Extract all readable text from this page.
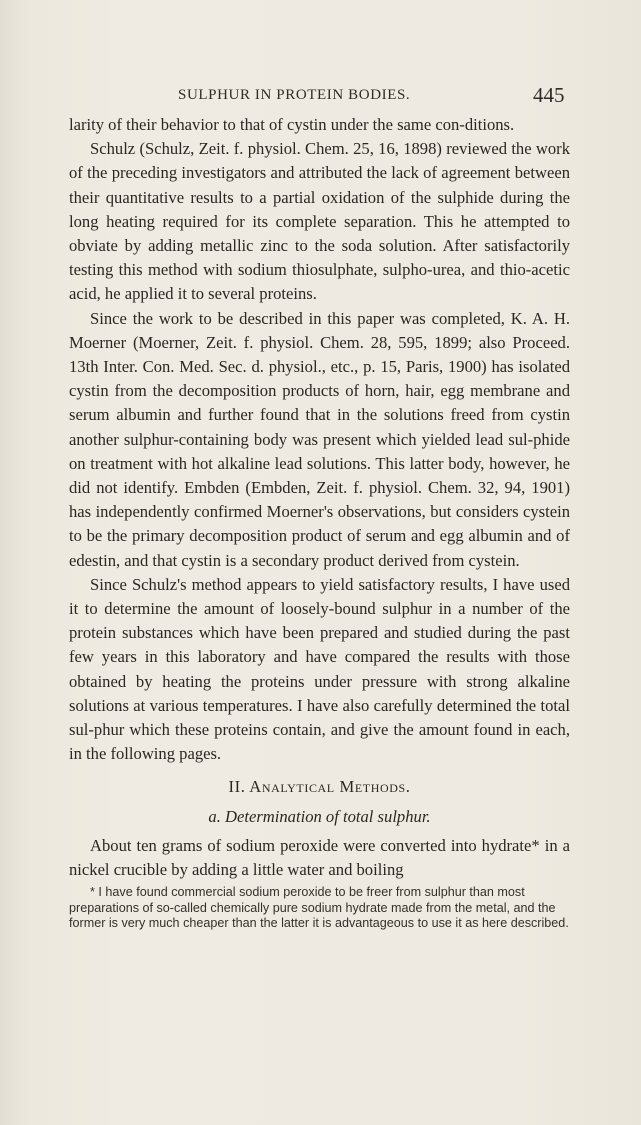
SULPHUR IN PROTEIN BODIES.	445

larity of their behavior to that of cystin under the same con-ditions.

Schulz (Schulz, Zeit. f. physiol. Chem. 25, 16, 1898) reviewed the work of the preceding investigators and attributed the lack of agreement between their quantitative results to a partial oxidation of the sulphide during the long heating required for its complete separation. This he attempted to obviate by adding metallic zinc to the soda solution. After satisfactorily testing this method with sodium thiosulphate, sulpho-urea, and thio-acetic acid, he applied it to several proteins.

Since the work to be described in this paper was completed, K. A. H. Moerner (Moerner, Zeit. f. physiol. Chem. 28, 595, 1899; also Proceed. 13th Inter. Con. Med. Sec. d. physiol., etc., p. 15, Paris, 1900) has isolated cystin from the decomposition products of horn, hair, egg membrane and serum albumin and further found that in the solutions freed from cystin another sulphur-containing body was present which yielded lead sul-phide on treatment with hot alkaline lead solutions. This latter body, however, he did not identify. Embden (Embden, Zeit. f. physiol. Chem. 32, 94, 1901) has independently confirmed Moerner's observations, but considers cystein to be the primary decomposition product of serum and egg albumin and of edestin, and that cystin is a secondary product derived from cystein.

Since Schulz's method appears to yield satisfactory results, I have used it to determine the amount of loosely-bound sulphur in a number of the protein substances which have been prepared and studied during the past few years in this laboratory and have compared the results with those obtained by heating the proteins under pressure with strong alkaline solutions at various temperatures. I have also carefully determined the total sul-phur which these proteins contain, and give the amount found in each, in the following pages.

II. Analytical Methods.
a. Determination of total sulphur.

About ten grams of sodium peroxide were converted into hydrate* in a nickel crucible by adding a little water and boiling

* I have found commercial sodium peroxide to be freer from sulphur than most preparations of so-called chemically pure sodium hydrate made from the metal, and the former is very much cheaper than the latter it is advantageous to use it as here described.
